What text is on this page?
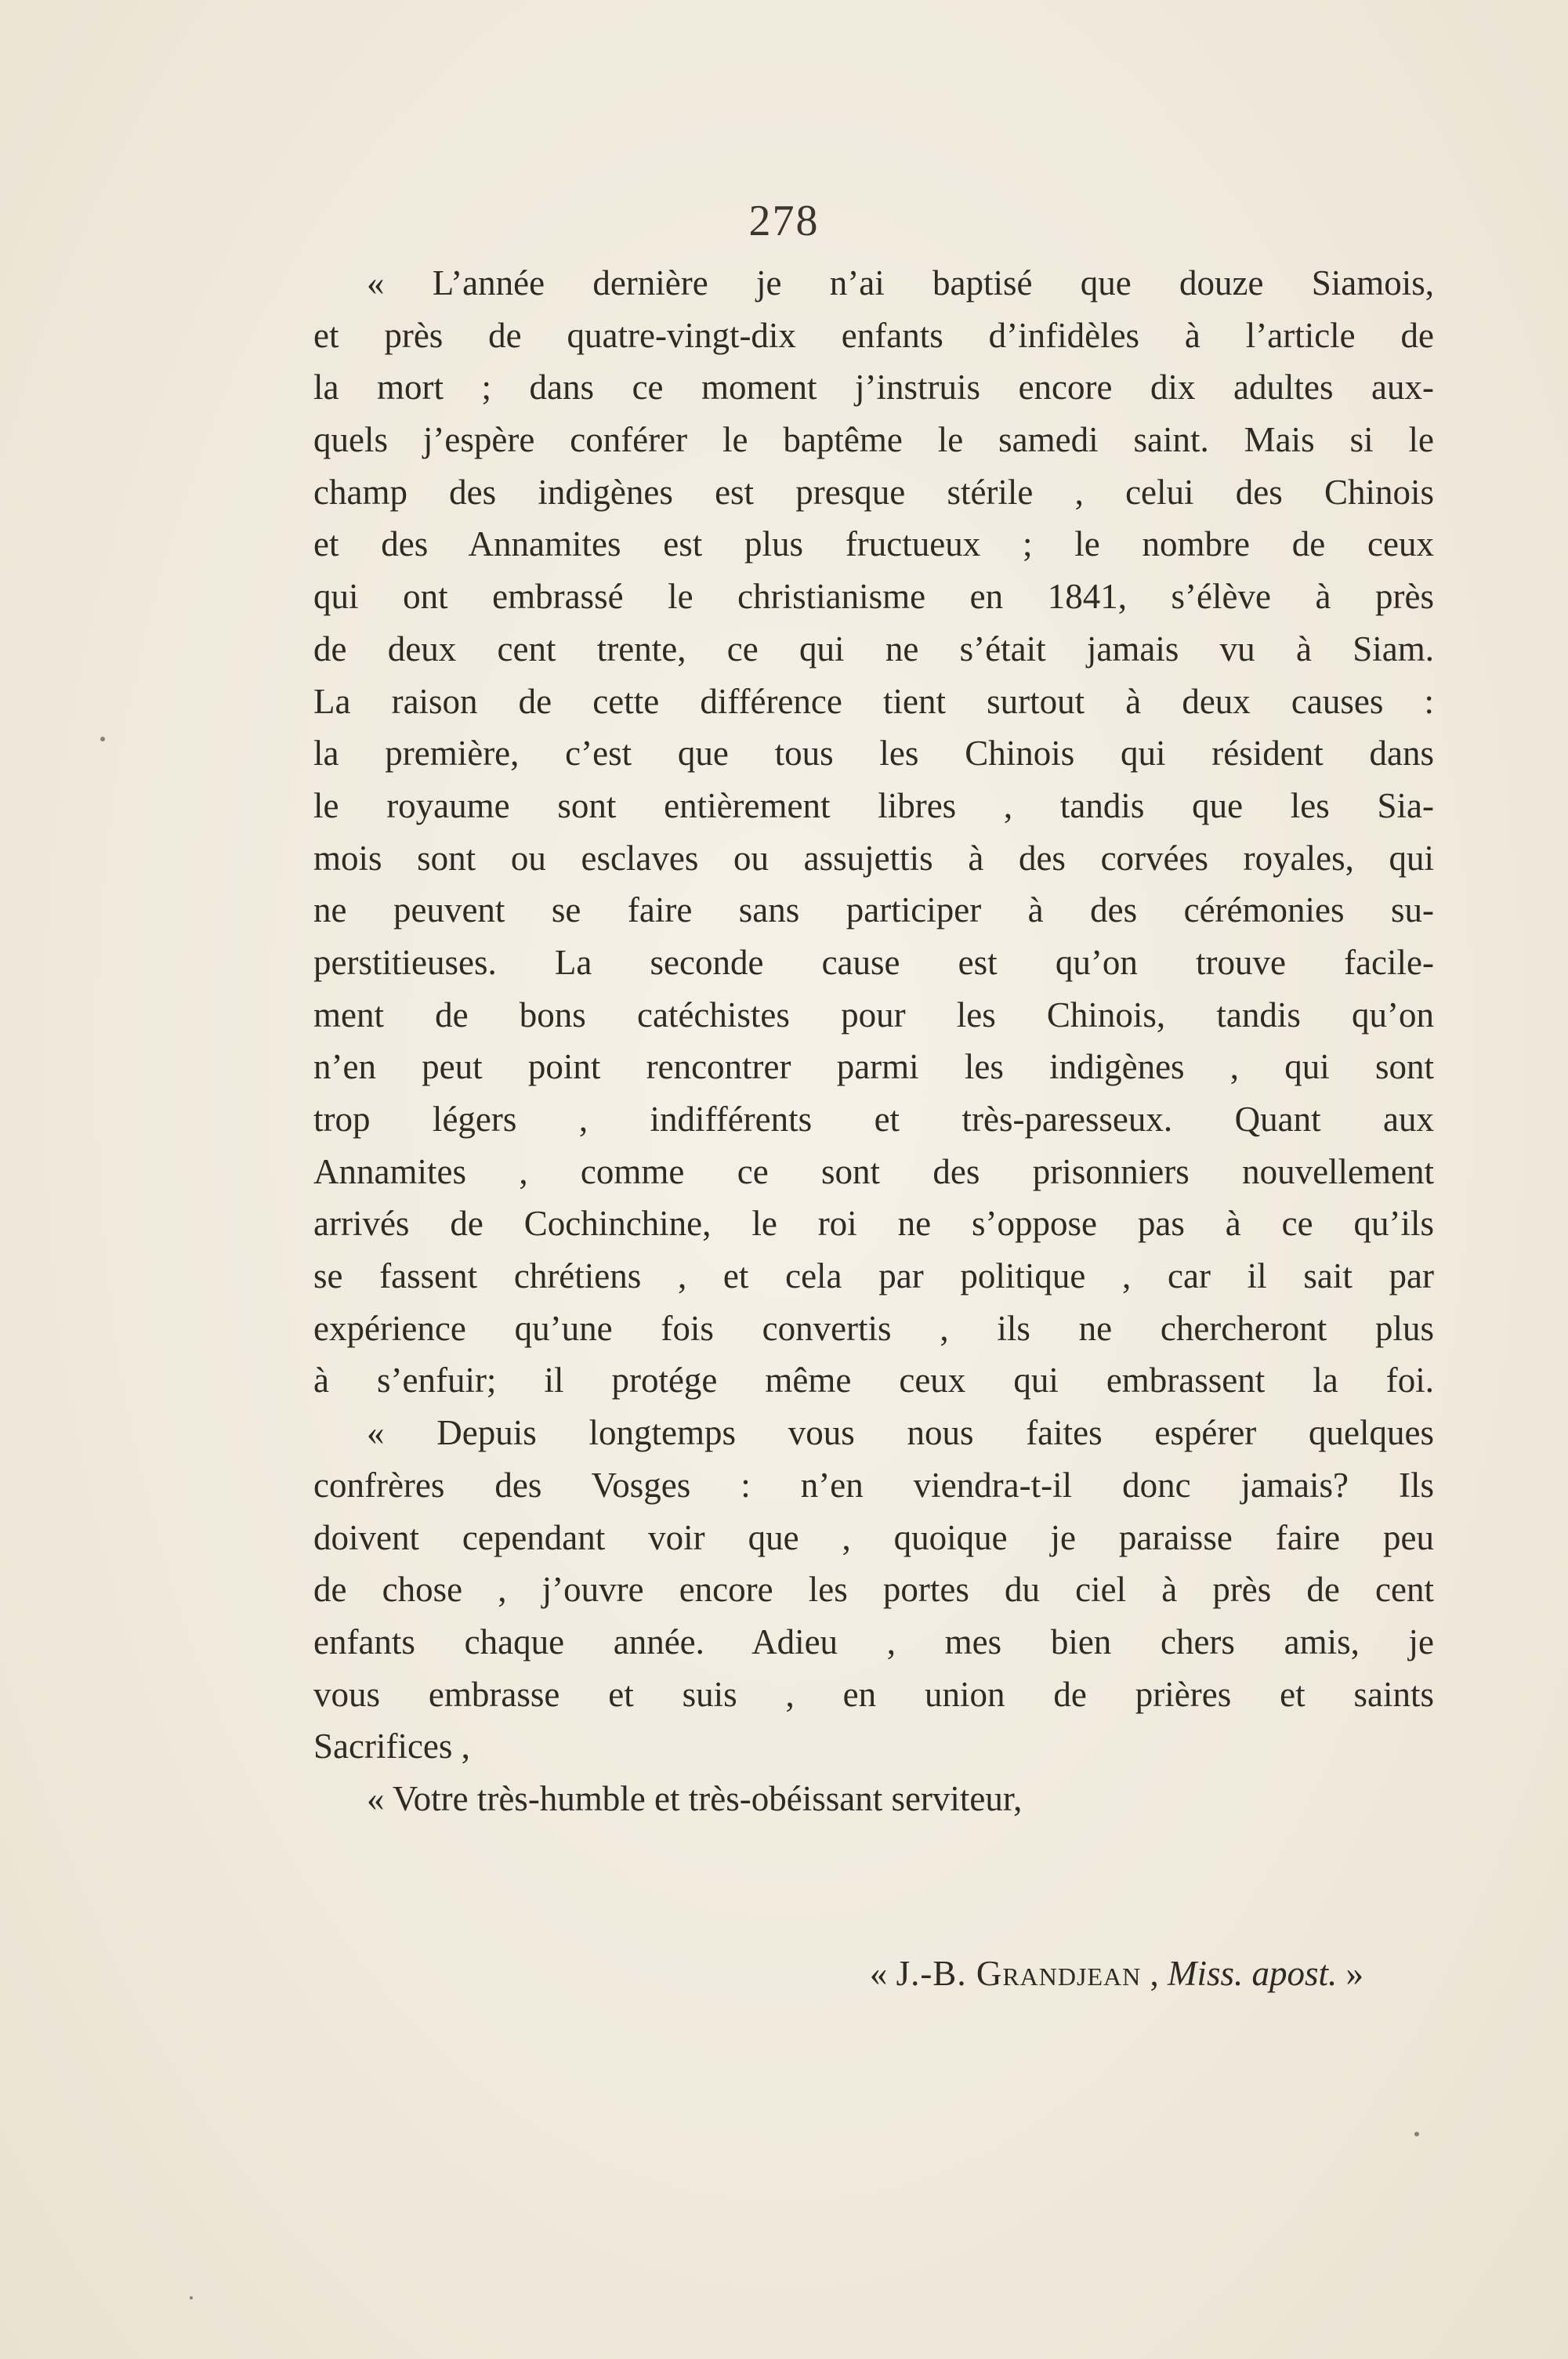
278
« L’année dernière je n’ai baptisé que douze Siamois,
et près de quatre-vingt-dix enfants d’infidèles à l’article de
la mort ; dans ce moment j’instruis encore dix adultes aux-
quels j’espère conférer le baptême le samedi saint. Mais si le
champ des indigènes est presque stérile , celui des Chinois
et des Annamites est plus fructueux ; le nombre de ceux
qui ont embrassé le christianisme en 1841, s’élève à près
de deux cent trente, ce qui ne s’était jamais vu à Siam.
La raison de cette différence tient surtout à deux causes :
la première, c’est que tous les Chinois qui résident dans
le royaume sont entièrement libres , tandis que les Sia-
mois sont ou esclaves ou assujettis à des corvées royales, qui
ne peuvent se faire sans participer à des cérémonies su-
perstitieuses. La seconde cause est qu’on trouve facile-
ment de bons catéchistes pour les Chinois, tandis qu’on
n’en peut point rencontrer parmi les indigènes , qui sont
trop légers , indifférents et très-paresseux. Quant aux
Annamites , comme ce sont des prisonniers nouvellement
arrivés de Cochinchine, le roi ne s’oppose pas à ce qu’ils
se fassent chrétiens , et cela par politique , car il sait par
expérience qu’une fois convertis , ils ne chercheront plus
à s’enfuir; il protége même ceux qui embrassent la foi.
« Depuis longtemps vous nous faites espérer quelques
confrères des Vosges : n’en viendra-t-il donc jamais? Ils
doivent cependant voir que , quoique je paraisse faire peu
de chose , j’ouvre encore les portes du ciel à près de cent
enfants chaque année. Adieu , mes bien chers amis, je
vous embrasse et suis , en union de prières et saints
Sacrifices ,
« Votre très-humble et très-obéissant serviteur,
« J.-B. Grandjean , Miss. apost. »
